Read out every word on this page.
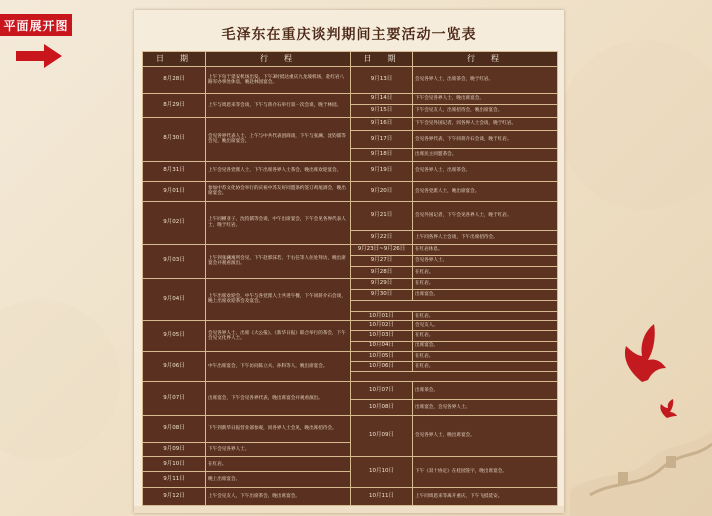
平面展开图
毛泽东在重庆谈判期间主要活动一览表
日　期	行　程	日　期	行　程
8月28日	上午下旬于延安机场出发。下午3时抵达重庆九龙坡机场，赴红岩八路军办事处休息，晚赴林园宴会。	9月13日	会见各界人士，出席茶会，晚于红岩。

8月29日	上午与周恩来等会谈，下午与蒋介石举行第一次会谈，晚于林园。	9月14日	下午会见各界人士，晚出席宴会。
		9月15日	下午会见友人，出席招待会，晚出席宴会。
8月30日	会见各界代表人士，上午与中共代表团商谈，下午与张澜、沈钧儒等会见，晚出席宴会。	9月16日	下午会见外国记者，同各界人士会谈，晚于红岩。
		9月17日	会见各界代表，下午同蒋介石会谈，晚于红岩。
		9月18日	出席民主同盟茶会。
8月31日	上午会见各党派人士，下午出席各界人士茶会，晚出席欢迎宴会。	9月19日	会见各界人士，出席茶会。
9月01日	参加中苏文化协会举行的庆祝中苏友好同盟条约签订鸡尾酒会，晚出席宴会。	9月20日	会见各党派人士，晚出席宴会。
9月02日	上午同柳亚子、沈钧儒等会谈，中午出席宴会，下午会见各界代表人士，晚于红岩。	9月21日	会见外国记者，下午会见各界人士，晚于红岩。
		9月22日	上午同各界人士会谈，下午出席招待会。
9月03日	上午到张澜寓所会见，下午赴郭沫若、于右任等人住处拜访，晚出席宴会并观看演出。	9月23日~9月26日	在红岩休息。
		9月27日	会见各界人士。
		9月28日	在红岩。
9月04日	上午出席欢迎会，中午与各党派人士共进午餐，下午同蒋介石会谈，晚上出席欢迎茶会及宴会。	9月29日	在红岩。
		9月30日	出席宴会。

		10月01日	在红岩。
9月05日	会见各界人士，出席《大公报》、《新华日报》联合举行的茶会，下午会见文化界人士。	10月02日	会见友人。
		10月03日	在红岩。
		10月04日	出席宴会。
9月06日	中午出席宴会，下午访问陈立夫、孙科等人，晚出席宴会。	10月05日	在红岩。
		10月06日	在红岩。

9月07日	出席宴会，下午会见各界代表，晚出席宴会并观看演出。	10月07日	出席茶会。
		10月08日	出席宴会，会见各界人士。
9月08日	下午到新华日报营业部参观，同各界人士会见，晚出席招待会。	10月09日	会见各界人士，晚出席宴会。
9月09日	下午会见各界人士。		
9月10日	在红岩。	10月10日	下午《双十协定》在桂园签字，晚出席宴会。
9月11日	晚上出席宴会。		
9月12日	上午会见友人，下午出席茶会，晚出席宴会。	10月11日	上午同周恩来等离开重庆，下午飞抵延安。
